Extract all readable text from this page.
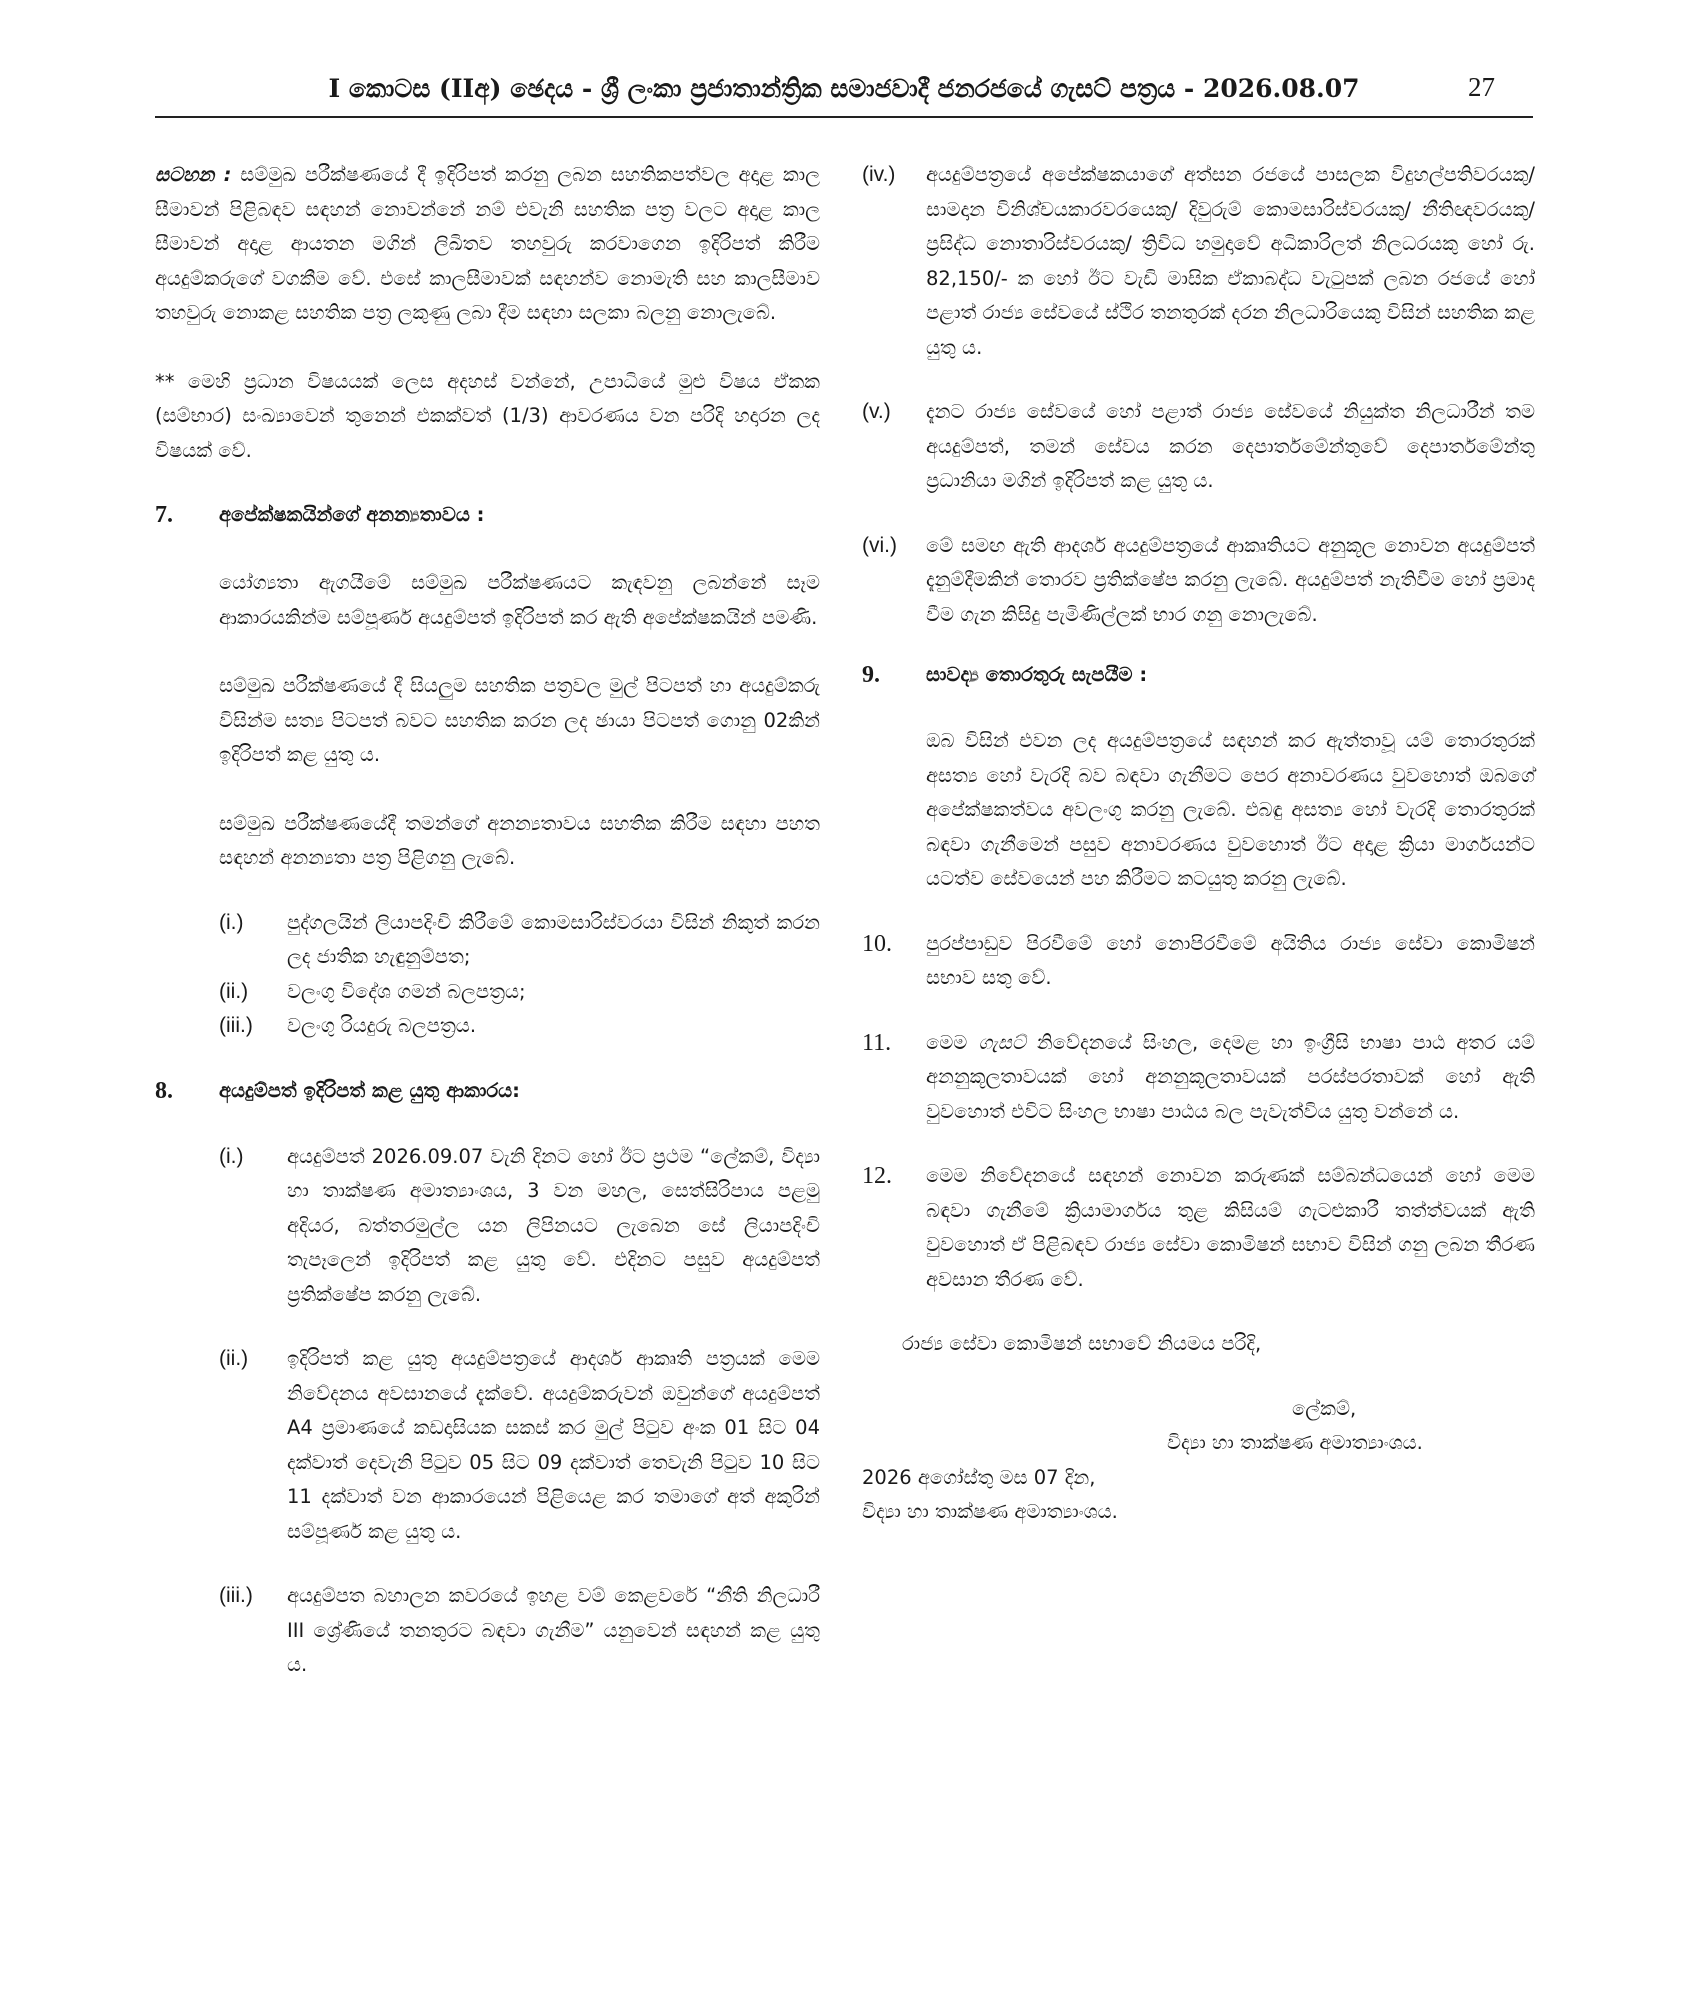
I කොටස (IIඅ) ඡෙදය - ශ්‍රී ලංකා ප්‍රජාතාන්ත්‍රික සමාජවාදී ජනරජයේ ගැසට් පත්‍රය - 2026.08.07	27

සටහන : සම්මුඛ පරීක්ෂණයේ දී ඉදිරිපත් කරනු ලබන සහතිකපත්වල අදාළ කාල සීමාවන් පිළිබඳව සඳහන් නොවන්නේ නම් එවැනි සහතික පත්‍ර වලට අදාළ කාල සීමාවන් අදාළ ආයතන මගින් ලිඛිතව තහවුරු කරවාගෙන ඉදිරිපත් කිරීම අයදුම්කරුගේ වගකීම වේ. එසේ කාලසීමාවක් සඳහන්ව නොමැති සහ කාලසීමාව තහවුරු නොකළ සහතික පත්‍ර ලකුණු ලබා දීම සඳහා සලකා බලනු නොලැබේ.

** මෙහි ප්‍රධාන විෂයයක් ලෙස අදහස් වන්නේ, උපාධියේ මුළු විෂය ඒකක (සම්භාර) සංඛ්‍යාවෙන් තුනෙන් එකක්වත් (1/3) ආවරණය වන පරිදි හදාරන ලද විෂයක් වේ.

7. අපේක්ෂකයින්ගේ අනන්‍යතාවය :

යෝග්‍යතා ඇගයීමේ සම්මුඛ පරීක්ෂණයට කැඳවනු ලබන්නේ සෑම ආකාරයකින්ම සම්පූර්ණ අයදුම්පත් ඉදිරිපත් කර ඇති අපේක්ෂකයින් පමණි.

සම්මුඛ පරීක්ෂණයේ දී සියලුම සහතික පත්‍රවල මුල් පිටපත් හා අයදුම්කරු විසින්ම සත්‍ය පිටපත් බවට සහතික කරන ලද ඡායා පිටපත් ගොනු 02කින් ඉදිරිපත් කළ යුතු ය.

සම්මුඛ පරීක්ෂණයේදී තමන්ගේ අනන්‍යතාවය සහතික කිරීම සඳහා පහත සඳහන් අනන්‍යතා පත්‍ර පිළිගනු ලැබේ.

(i.) පුද්ගලයින් ලියාපදිංචි කිරීමේ කොමසාරිස්වරයා විසින් නිකුත් කරන ලද ජාතික හැඳුනුම්පත;

(ii.) වලංගු විදේශ ගමන් බලපත්‍රය;

(iii.) වලංගු රියදුරු බලපත්‍රය.

8. අයදුම්පත් ඉදිරිපත් කළ යුතු ආකාරය:
(i.) අයදුම්පත් 2026.09.07 වැනි දිනට හෝ ඊට ප්‍රථම “ලේකම්, විද්‍යා හා තාක්ෂණ අමාත්‍යාංශය, 3 වන මහල, සෙත්සිරිපාය පළමු අදියර, බත්තරමුල්ල යන ලිපිනයට ලැබෙන සේ ලියාපදිංචි තැපෑලෙන් ඉදිරිපත් කළ යුතු වේ. එදිනට පසුව අයදුම්පත් ප්‍රතික්ෂේප කරනු ලැබේ.

(ii.) ඉදිරිපත් කළ යුතු අයදුම්පත්‍රයේ ආදර්ශ ආකෘති පත්‍රයක් මෙම නිවේදනය අවසානයේ දැක්වේ. අයදුම්කරුවන් ඔවුන්ගේ අයදුම්පත් A4 ප්‍රමාණයේ කඩදාසියක සකස් කර මුල් පිටුව අංක 01 සිට 04 දක්වාත් දෙවැනි පිටුව 05 සිට 09 දක්වාත් තෙවැනි පිටුව 10 සිට 11 දක්වාත් වන ආකාරයෙන් පිළියෙළ කර තමාගේ අත් අකුරින් සම්පූර්ණ කළ යුතු ය.

(iii.) අයදුම්පත බහාලන කවරයේ ඉහළ වම් කෙළවරේ “නීති නිලධාරී III ශ්‍රේණියේ තනතුරට බඳවා ගැනීම” යනුවෙන් සඳහන් කළ යුතු ය.

(iv.) අයදුම්පත්‍රයේ අපේක්ෂකයාගේ අත්සන රජයේ පාසලක විදුහල්පතිවරයකු/ සාමදාන විනිශ්චයකාරවරයෙකු/ දිවුරුම් කොමසාරිස්වරයකු/ නීතිඥවරයකු/ ප්‍රසිද්ධ නොතාරිස්වරයකු/ ත්‍රිවිධ හමුදාවේ අධිකාරිලත් නිලධරයකු හෝ රු. 82,150/- ක හෝ ඊට වැඩි මාසික ඒකාබද්ධ වැටුපක් ලබන රජයේ හෝ පළාත් රාජ්‍ය සේවයේ ස්ථිර තනතුරක් දරන නිලධාරියෙකු විසින් සහතික කළ යුතු ය.

(v.) දැනට රාජ්‍ය සේවයේ හෝ පළාත් රාජ්‍ය සේවයේ නියුක්ත නිලධාරීන් තම අයදුම්පත්, තමන් සේවය කරන දෙපාර්තමේන්තුවේ දෙපාර්තමේන්තු ප්‍රධානියා මගින් ඉදිරිපත් කළ යුතු ය.

(vi.) මේ සමඟ ඇති ආදර්ශ අයදුම්පත්‍රයේ ආකෘතියට අනුකූල නොවන අයදුම්පත් දැනුම්දීමකින් තොරව ප්‍රතික්ෂේප කරනු ලැබේ. අයදුම්පත් නැතිවීම හෝ ප්‍රමාද වීම ගැන කිසිදු පැමිණිල්ලක් භාර ගනු නොලැබේ.

9. සාවද්‍ය තොරතුරු සැපයීම :

ඔබ විසින් එවන ලද අයදුම්පත්‍රයේ සඳහන් කර ඇත්තාවූ යම් තොරතුරක් අසත්‍ය හෝ වැරදි බව බඳවා ගැනීමට පෙර අනාවරණය වුවහොත් ඔබගේ අපේක්ෂකත්වය අවලංගු කරනු ලැබේ. එබඳු අසත්‍ය හෝ වැරදි තොරතුරක් බඳවා ගැනීමෙන් පසුව අනාවරණය වුවහොත් ඊට අදාළ ක්‍රියා මාර්ගයන්ට යටත්ව සේවයෙන් පහ කිරීමට කටයුතු කරනු ලැබේ.

10. පුරප්පාඩුව පිරවීමේ හෝ නොපිරවීමේ අයිතිය රාජ්‍ය සේවා කොමිෂන් සභාව සතු වේ.

11. මෙම ගැසට් නිවේදනයේ සිංහල, දෙමළ හා ඉංග්‍රීසි භාෂා පාඨ අතර යම් අනනුකූලතාවයක් හෝ අනනුකූලතාවයක් පරස්පරතාවක් හෝ ඇති වුවහොත් එවිට සිංහල භාෂා පාඨය බල පැවැත්විය යුතු වන්නේ ය.

12. මෙම නිවේදනයේ සඳහන් නොවන කරුණක් සම්බන්ධයෙන් හෝ මෙම බඳවා ගැනීමේ ක්‍රියාමාර්ගය තුළ කිසියම් ගැටළුකාරී තත්ත්වයක් ඇති වුවහොත් ඒ පිළිබඳව රාජ්‍ය සේවා කොමිෂන් සභාව විසින් ගනු ලබන තීරණ අවසාන තීරණ වේ.

රාජ්‍ය සේවා කොමිෂන් සභාවේ නියමය පරිදි,

ලේකම්,

විද්‍යා හා තාක්ෂණ අමාත්‍යාංශය.

2026 අගෝස්තු මස 07 දින,

විද්‍යා හා තාක්ෂණ අමාත්‍යාංශය.
